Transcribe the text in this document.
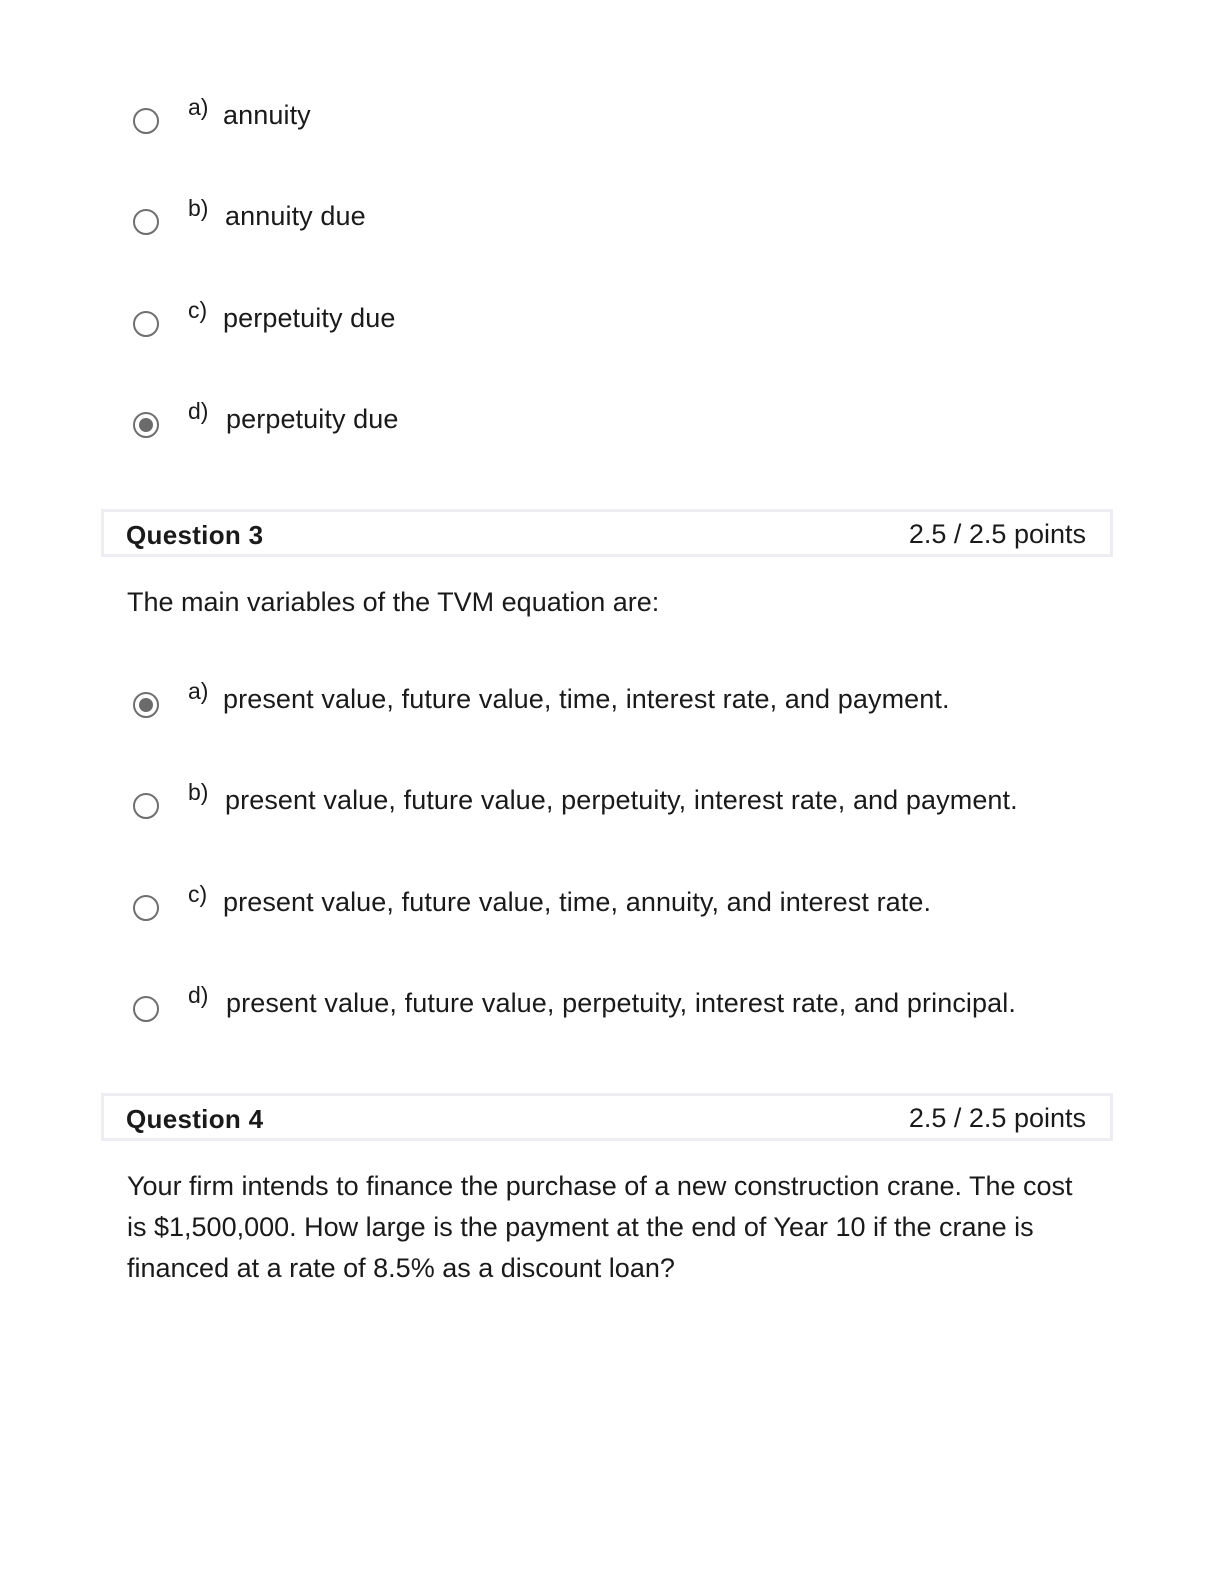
a) annuity
b) annuity due
c) perpetuity due
d) perpetuity due
Question 3	2.5 / 2.5 points
The main variables of the TVM equation are:
a) present value, future value, time, interest rate, and payment.
b) present value, future value, perpetuity, interest rate, and payment.
c) present value, future value, time, annuity, and interest rate.
d) present value, future value, perpetuity, interest rate, and principal.
Question 4	2.5 / 2.5 points
Your firm intends to finance the purchase of a new construction crane. The cost is $1,500,000. How large is the payment at the end of Year 10 if the crane is financed at a rate of 8.5% as a discount loan?
